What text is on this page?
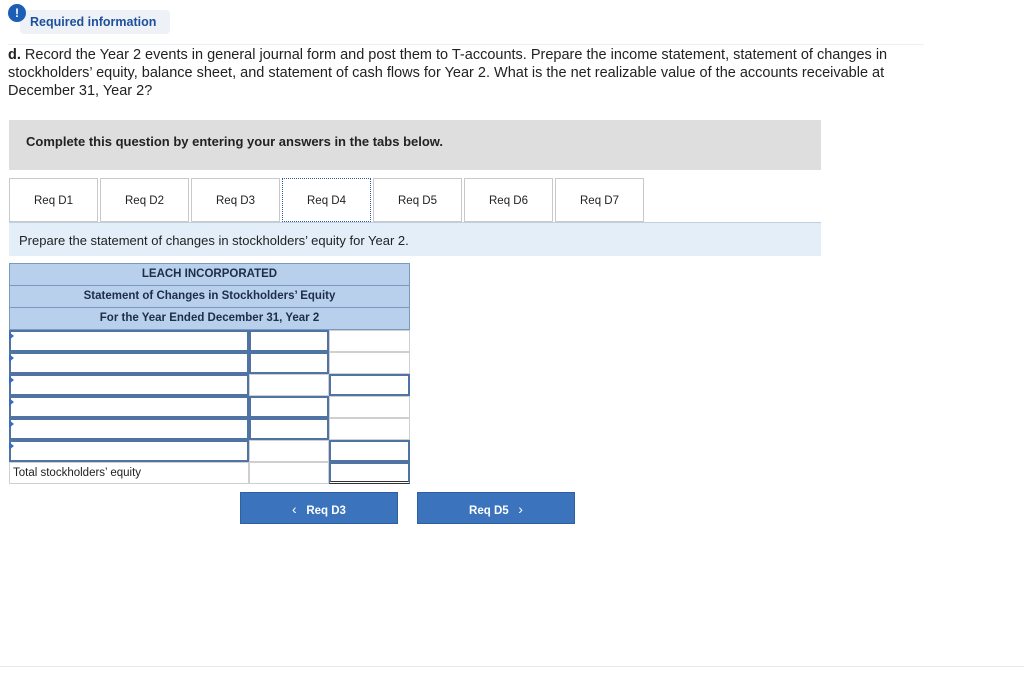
Required information
!
d. Record the Year 2 events in general journal form and post them to T-accounts. Prepare the income statement, statement of changes in stockholders’ equity, balance sheet, and statement of cash flows for Year 2. What is the net realizable value of the accounts receivable at December 31, Year 2?
Complete this question by entering your answers in the tabs below.
Req D1	Req D2	Req D3	Req D4	Req D5	Req D6	Req D7
Prepare the statement of changes in stockholders’ equity for Year 2.
LEACH INCORPORATED
Statement of Changes in Stockholders’ Equity
For the Year Ended December 31, Year 2
Total stockholders’ equity
‹ Req D3	Req D5 ›
